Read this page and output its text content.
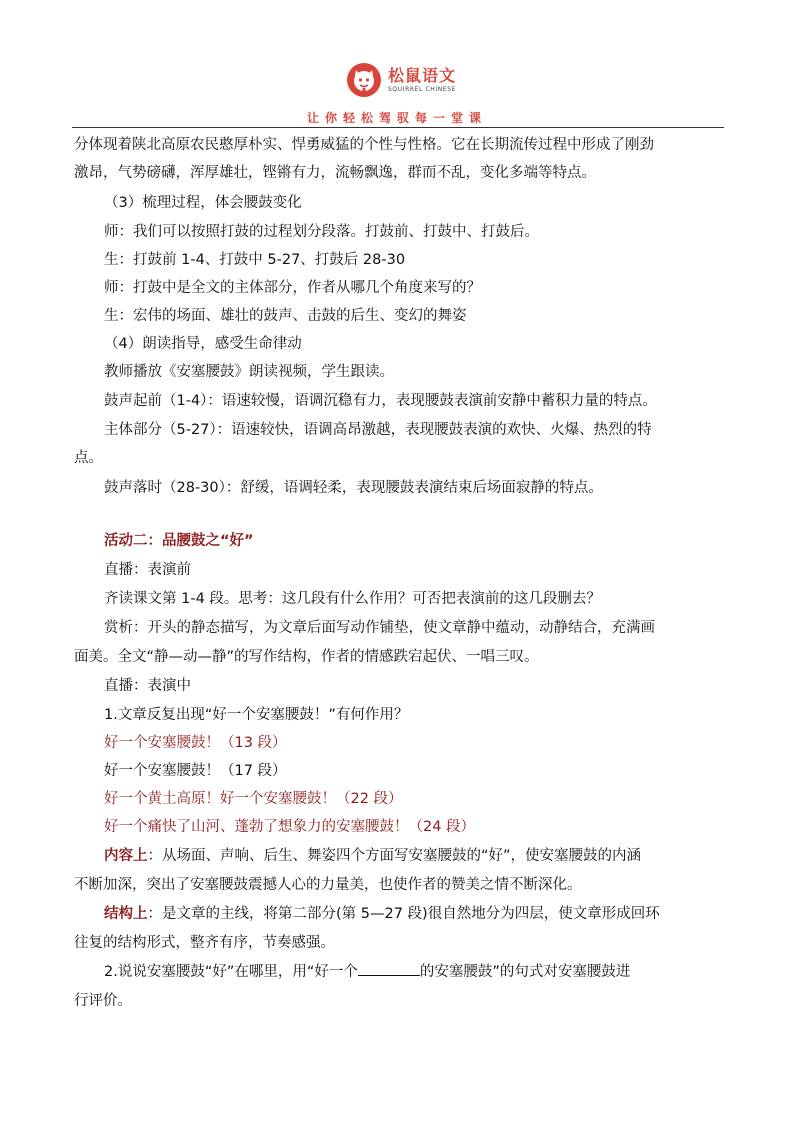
松鼠语文
SQUIRREL CHINESE
让你轻松驾驭每一堂课
分体现着陕北高原农民憨厚朴实、悍勇威猛的个性与性格。它在长期流传过程中形成了刚劲
激昂，气势磅礴，浑厚雄壮，铿锵有力，流畅飘逸，群而不乱，变化多端等特点。
（3）梳理过程，体会腰鼓变化
师：我们可以按照打鼓的过程划分段落。打鼓前、打鼓中、打鼓后。
生：打鼓前 1-4、打鼓中 5-27、打鼓后 28-30
师：打鼓中是全文的主体部分，作者从哪几个角度来写的？
生：宏伟的场面、雄壮的鼓声、击鼓的后生、变幻的舞姿
（4）朗读指导，感受生命律动
教师播放《安塞腰鼓》朗读视频，学生跟读。
鼓声起前（1-4）：语速较慢，语调沉稳有力，表现腰鼓表演前安静中蓄积力量的特点。
主体部分（5-27）：语速较快，语调高昂激越，表现腰鼓表演的欢快、火爆、热烈的特
点。
鼓声落时（28-30）：舒缓，语调轻柔，表现腰鼓表演结束后场面寂静的特点。
活动二：品腰鼓之“好”
直播：表演前
齐读课文第 1-4 段。思考：这几段有什么作用？可否把表演前的这几段删去？
赏析：开头的静态描写，为文章后面写动作铺垫，使文章静中蕴动，动静结合，充满画
面美。全文“静—动—静”的写作结构，作者的情感跌宕起伏、一唱三叹。
直播：表演中
1.文章反复出现“好一个安塞腰鼓！”有何作用？
好一个安塞腰鼓！（13 段）
好一个安塞腰鼓！（17 段）
好一个黄土高原！好一个安塞腰鼓！（22 段）
好一个痛快了山河、蓬勃了想象力的安塞腰鼓！（24 段）
内容上：从场面、声响、后生、舞姿四个方面写安塞腰鼓的“好”，使安塞腰鼓的内涵
不断加深，突出了安塞腰鼓震撼人心的力量美，也使作者的赞美之情不断深化。
结构上：是文章的主线，将第二部分(第 5—27 段)很自然地分为四层，使文章形成回环
往复的结构形式，整齐有序，节奏感强。
2.说说安塞腰鼓“好”在哪里，用“好一个	的安塞腰鼓”的句式对安塞腰鼓进
行评价。
